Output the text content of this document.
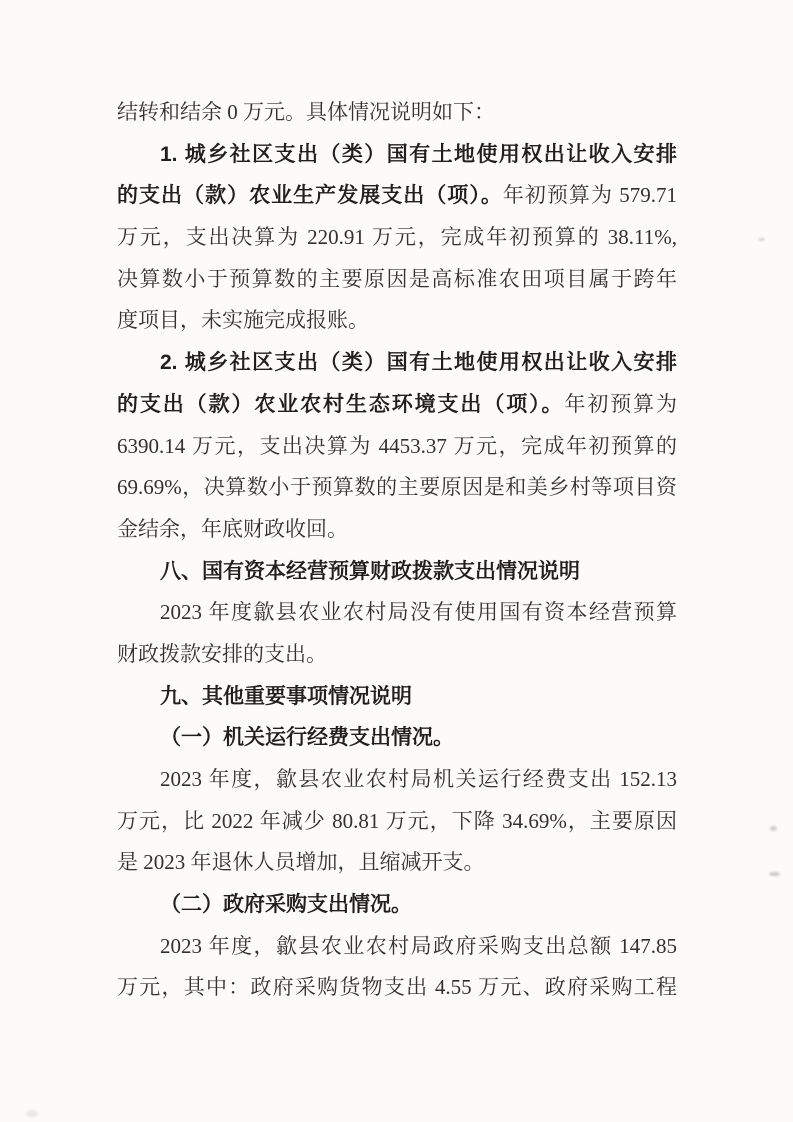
结转和结余 0 万元。具体情况说明如下：
1. 城乡社区支出（类）国有土地使用权出让收入安排
的支出（款）农业生产发展支出（项）。年初预算为 579.71
万元，支出决算为 220.91 万元，完成年初预算的 38.11%,
决算数小于预算数的主要原因是高标准农田项目属于跨年
度项目，未实施完成报账。
2. 城乡社区支出（类）国有土地使用权出让收入安排
的支出（款）农业农村生态环境支出（项）。年初预算为
6390.14 万元，支出决算为 4453.37 万元，完成年初预算的
69.69%，决算数小于预算数的主要原因是和美乡村等项目资
金结余，年底财政收回。
八、国有资本经营预算财政拨款支出情况说明
2023 年度歙县农业农村局没有使用国有资本经营预算
财政拨款安排的支出。
九、其他重要事项情况说明
（一）机关运行经费支出情况。
2023 年度，歙县农业农村局机关运行经费支出 152.13
万元，比 2022 年减少 80.81 万元，下降 34.69%，主要原因
是 2023 年退休人员增加，且缩减开支。
（二）政府采购支出情况。
2023 年度，歙县农业农村局政府采购支出总额 147.85
万元，其中：政府采购货物支出 4.55 万元、政府采购工程
